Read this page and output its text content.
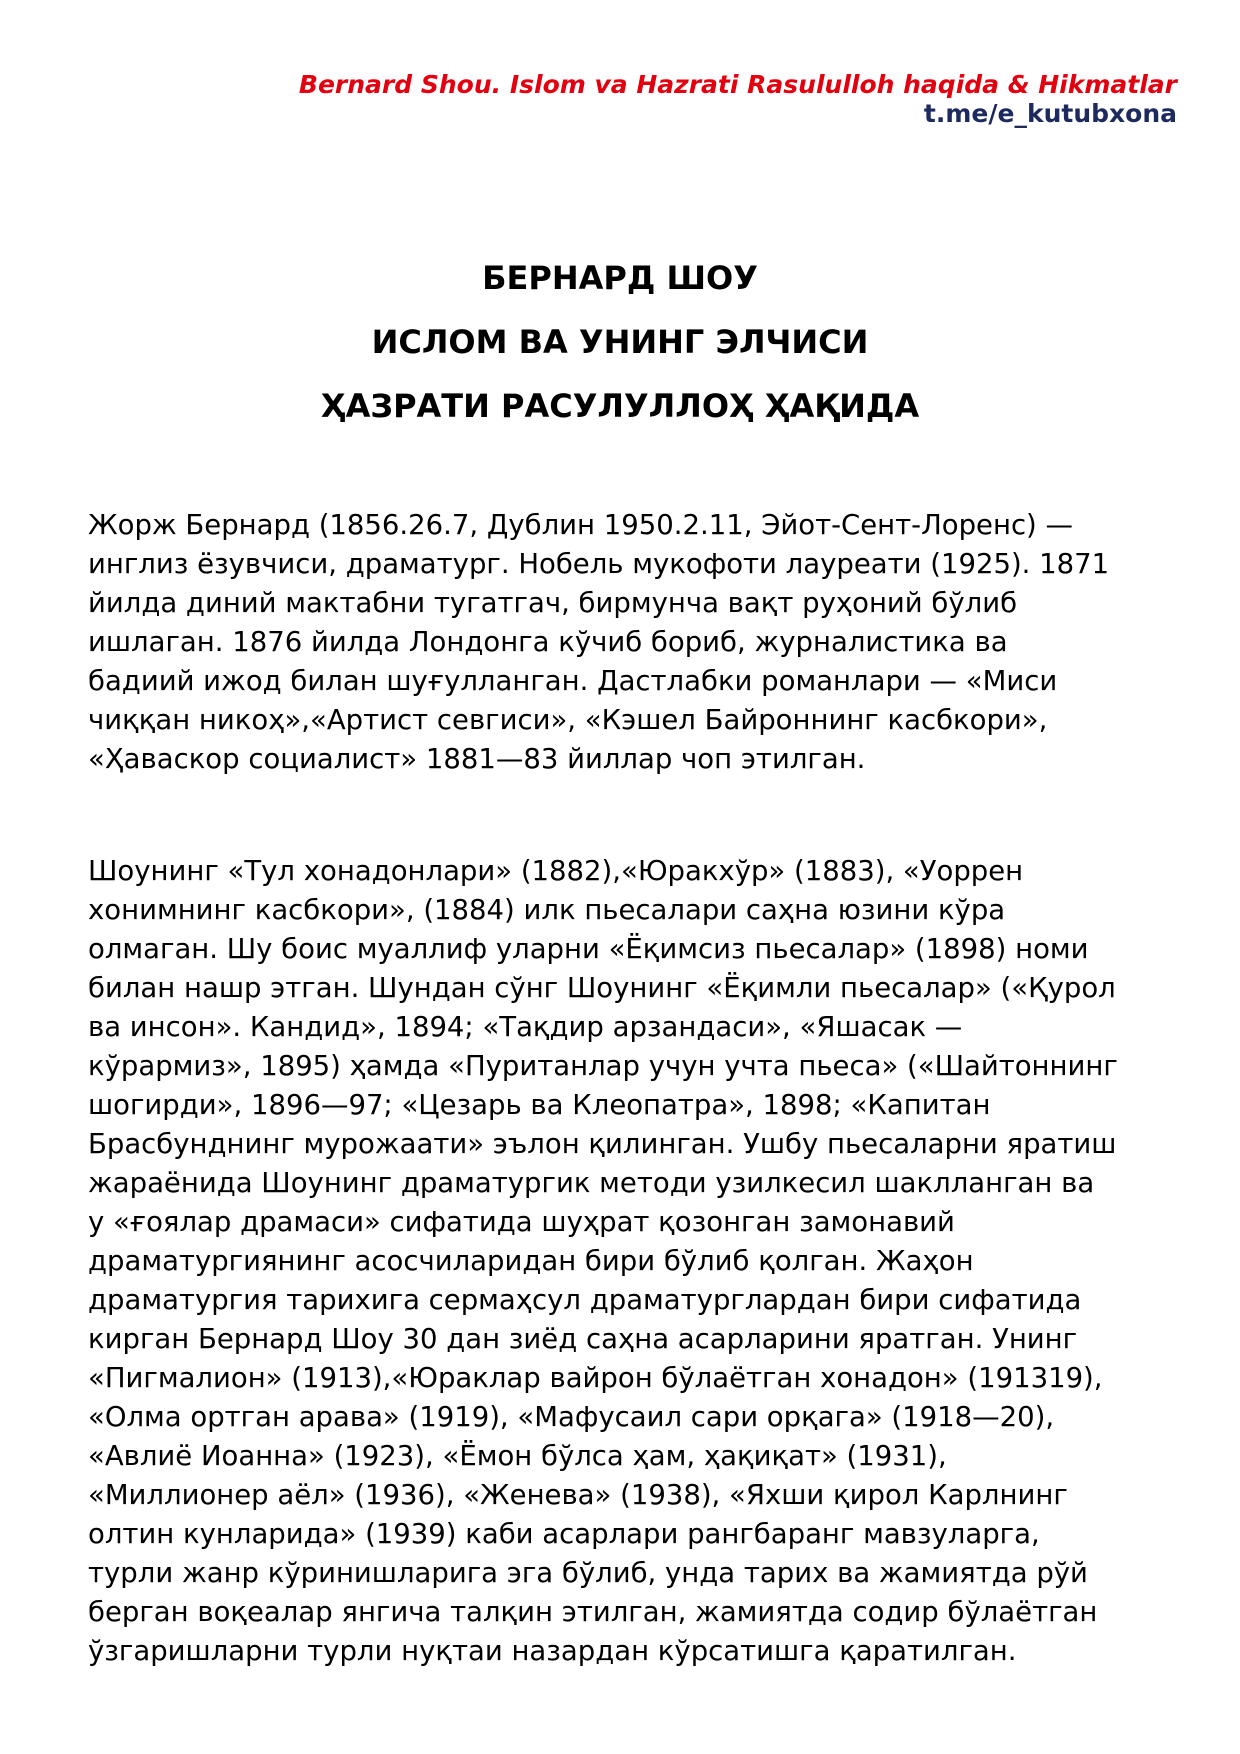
Bernard Shou. Islom va Hazrati Rasululloh haqida & Hikmatlar
t.me/e_kutubxona
БЕРНАРД ШОУ
ИСЛОМ ВА УНИНГ ЭЛЧИСИ
ҲАЗРАТИ РАСУЛУЛЛОҲ ҲАҚИДА
Жорж Бернард (1856.26.7, Дублин 1950.2.11, Эйот-Сент-Лоренс) —
инглиз ёзувчиси, драматург. Нобель мукофоти лауреати (1925). 1871
йилда диний мактабни тугатгач, бирмунча вақт руҳоний бўлиб
ишлаган. 1876 йилда Лондонга кўчиб бориб, журналистика ва
бадиий ижод билан шуғулланган. Дастлабки романлари — «Миси
чиққан никоҳ»,«Артист севгиси», «Кэшел Байроннинг касбкори»,
«Ҳаваскор социалист» 1881—83 йиллар чоп этилган.
Шоунинг «Тул хонадонлари» (1882),«Юракхўр» (1883), «Уоррен
хонимнинг касбкори», (1884) илк пьесалари саҳна юзини кўра
олмаган. Шу боис муаллиф уларни «Ёқимсиз пьесалар» (1898) номи
билан нашр этган. Шундан сўнг Шоунинг «Ёқимли пьесалар» («Қурол
ва инсон». Кандид», 1894; «Тақдир арзандаси», «Яшасак —
кўрармиз», 1895) ҳамда «Пуританлар учун учта пьеса» («Шайтоннинг
шогирди», 1896—97; «Цезарь ва Клеопатра», 1898; «Капитан
Брасбунднинг мурожаати» эълон қилинган. Ушбу пьесаларни яратиш
жараёнида Шоунинг драматургик методи узилкесил шаклланган ва
у «ғоялар драмаси» сифатида шуҳрат қозонган замонавий
драматургиянинг асосчиларидан бири бўлиб қолган. Жаҳон
драматургия тарихига сермаҳсул драматурглардан бири сифатида
кирган Бернард Шоу 30 дан зиёд саҳна асарларини яратган. Унинг
«Пигмалион» (1913),«Юраклар вайрон бўлаётган хонадон» (191319),
«Олма ортган арава» (1919), «Мафусаил сари орқага» (1918—20),
«Авлиё Иоанна» (1923), «Ёмон бўлса ҳам, ҳақиқат» (1931),
«Миллионер аёл» (1936), «Женева» (1938), «Яхши қирол Карлнинг
олтин кунларида» (1939) каби асарлари рангбаранг мавзуларга,
турли жанр кўринишларига эга бўлиб, унда тарих ва жамиятда рўй
берган воқеалар янгича талқин этилган, жамиятда содир бўлаётган
ўзгаришларни турли нуқтаи назардан кўрсатишга қаратилган.
